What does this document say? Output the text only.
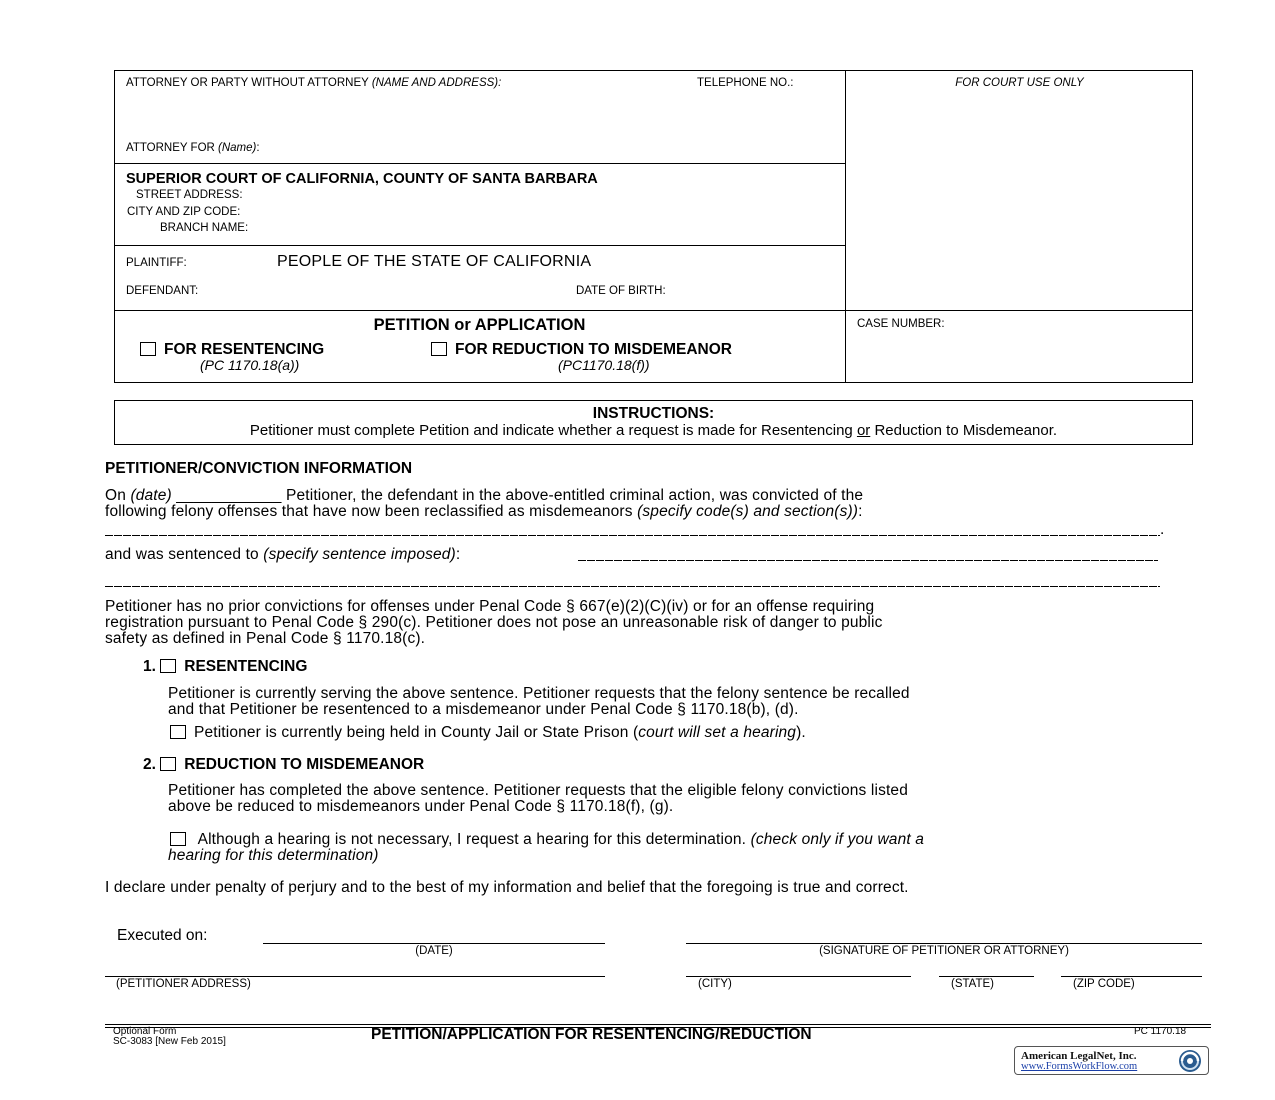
ATTORNEY OR PARTY WITHOUT ATTORNEY (NAME AND ADDRESS):	TELEPHONE NO.:	FOR COURT USE ONLY
ATTORNEY FOR (Name):
SUPERIOR COURT OF CALIFORNIA, COUNTY OF SANTA BARBARA
STREET ADDRESS:
CITY AND ZIP CODE:
BRANCH NAME:
PLAINTIFF:	PEOPLE OF THE STATE OF CALIFORNIA
DEFENDANT:	DATE OF BIRTH:
PETITION or APPLICATION
FOR RESENTENCING
(PC 1170.18(a))
FOR REDUCTION TO MISDEMEANOR
(PC1170.18(f))
CASE NUMBER:
INSTRUCTIONS:
Petitioner must complete Petition and indicate whether a request is made for Resentencing or Reduction to Misdemeanor.
PETITIONER/CONVICTION INFORMATION
On (date) ____________ Petitioner, the defendant in the above-entitled criminal action, was convicted of the
following felony offenses that have now been reclassified as misdemeanors (specify code(s) and section(s)):
.
and was sentenced to (specify sentence imposed):
Petitioner has no prior convictions for offenses under Penal Code § 667(e)(2)(C)(iv) or for an offense requiring
registration pursuant to Penal Code § 290(c). Petitioner does not pose an unreasonable risk of danger to public
safety as defined in Penal Code § 1170.18(c).
1. RESENTENCING
Petitioner is currently serving the above sentence. Petitioner requests that the felony sentence be recalled
and that Petitioner be resentenced to a misdemeanor under Penal Code § 1170.18(b), (d).
Petitioner is currently being held in County Jail or State Prison (court will set a hearing).
2. REDUCTION TO MISDEMEANOR
Petitioner has completed the above sentence. Petitioner requests that the eligible felony convictions listed
above be reduced to misdemeanors under Penal Code § 1170.18(f), (g).
Although a hearing is not necessary, I request a hearing for this determination. (check only if you want a
hearing for this determination)
I declare under penalty of perjury and to the best of my information and belief that the foregoing is true and correct.
Executed on:
(DATE)	(SIGNATURE OF PETITIONER OR ATTORNEY)
(PETITIONER ADDRESS)	(CITY)	(STATE)	(ZIP CODE)
Optional Form
SC-3083 [New Feb 2015]	PETITION/APPLICATION FOR RESENTENCING/REDUCTION	PC 1170.18
American LegalNet, Inc.
www.FormsWorkFlow.com
